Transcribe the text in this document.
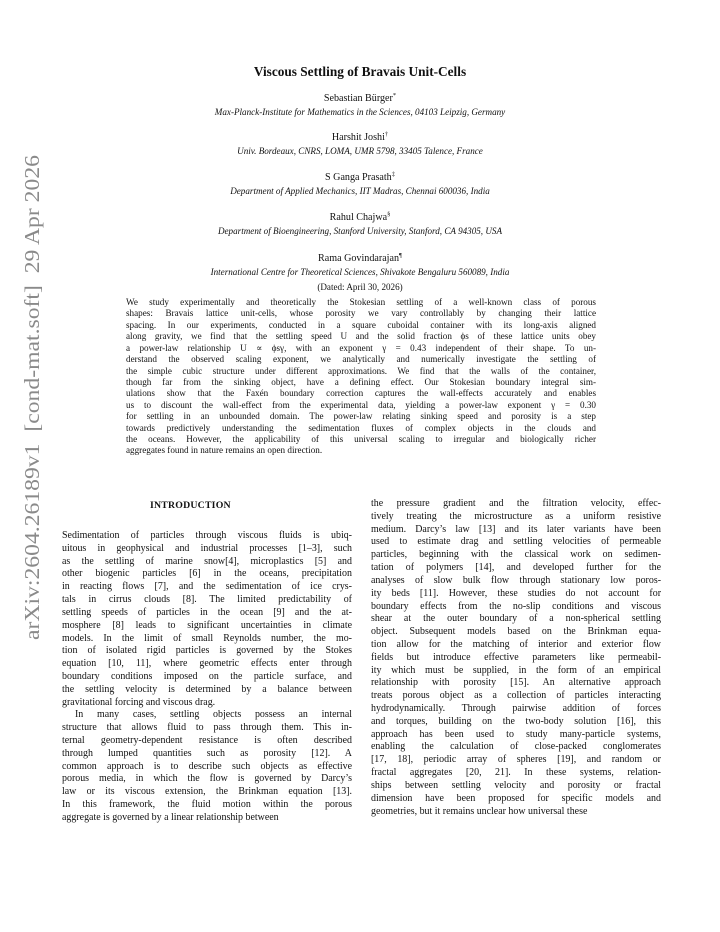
arXiv:2604.26189v1  [cond-mat.soft]  29 Apr 2026
Viscous Settling of Bravais Unit-Cells

Sebastian Bürger*

Max-Planck-Institute for Mathematics in the Sciences, 04103 Leipzig, Germany

Harshit Joshi†

Univ. Bordeaux, CNRS, LOMA, UMR 5798, 33405 Talence, France

S Ganga Prasath‡

Department of Applied Mechanics, IIT Madras, Chennai 600036, India

Rahul Chajwa§

Department of Bioengineering, Stanford University, Stanford, CA 94305, USA

Rama Govindarajan¶

International Centre for Theoretical Sciences, Shivakote Bengaluru 560089, India

(Dated: April 30, 2026)

We study experimentally and theoretically the Stokesian settling of a well-known class of porous
shapes: Bravais lattice unit-cells, whose porosity we vary controllably by changing their lattice
spacing. In our experiments, conducted in a square cuboidal container with its long-axis aligned
along gravity, we find that the settling speed U and the solid fraction ϕs of these lattice units obey
a power-law relationship U ∝ ϕsγ, with an exponent γ = 0.43 independent of their shape. To un-
derstand the observed scaling exponent, we analytically and numerically investigate the settling of
the simple cubic structure under different approximations. We find that the walls of the container,
though far from the sinking object, have a defining effect. Our Stokesian boundary integral sim-
ulations show that the Faxén boundary correction captures the wall-effects accurately and enables
us to discount the wall-effect from the experimental data, yielding a power-law exponent γ = 0.30
for settling in an unbounded domain. The power-law relating sinking speed and porosity is a step
towards predictively understanding the sedimentation fluxes of complex objects in the clouds and
the oceans. However, the applicability of this universal scaling to irregular and biologically richer
aggregates found in nature remains an open direction.
INTRODUCTION
Sedimentation of particles through viscous fluids is ubiq-
uitous in geophysical and industrial processes [1–3], such
as the settling of marine snow[4], microplastics [5] and
other biogenic particles [6] in the oceans, precipitation
in reacting flows [7], and the sedimentation of ice crys-
tals in cirrus clouds [8]. The limited predictability of
settling speeds of particles in the ocean [9] and the at-
mosphere [8] leads to significant uncertainties in climate
models. In the limit of small Reynolds number, the mo-
tion of isolated rigid particles is governed by the Stokes
equation [10, 11], where geometric effects enter through
boundary conditions imposed on the particle surface, and
the settling velocity is determined by a balance between
gravitational forcing and viscous drag.
In many cases, settling objects possess an internal
structure that allows fluid to pass through them. This in-
ternal geometry-dependent resistance is often described
through lumped quantities such as porosity [12]. A
common approach is to describe such objects as effective
porous media, in which the flow is governed by Darcy’s
law or its viscous extension, the Brinkman equation [13].
In this framework, the fluid motion within the porous
aggregate is governed by a linear relationship between
the pressure gradient and the filtration velocity, effec-
tively treating the microstructure as a uniform resistive
medium. Darcy’s law [13] and its later variants have been
used to estimate drag and settling velocities of permeable
particles, beginning with the classical work on sedimen-
tation of polymers [14], and developed further for the
analyses of slow bulk flow through stationary low poros-
ity beds [11]. However, these studies do not account for
boundary effects from the no-slip conditions and viscous
shear at the outer boundary of a non-spherical settling
object. Subsequent models based on the Brinkman equa-
tion allow for the matching of interior and exterior flow
fields but introduce effective parameters like permeabil-
ity which must be supplied, in the form of an empirical
relationship with porosity [15]. An alternative approach
treats porous object as a collection of particles interacting
hydrodynamically. Through pairwise addition of forces
and torques, building on the two-body solution [16], this
approach has been used to study many-particle systems,
enabling the calculation of close-packed conglomerates
[17, 18], periodic array of spheres [19], and random or
fractal aggregates [20, 21]. In these systems, relation-
ships between settling velocity and porosity or fractal
dimension have been proposed for specific models and
geometries, but it remains unclear how universal these
